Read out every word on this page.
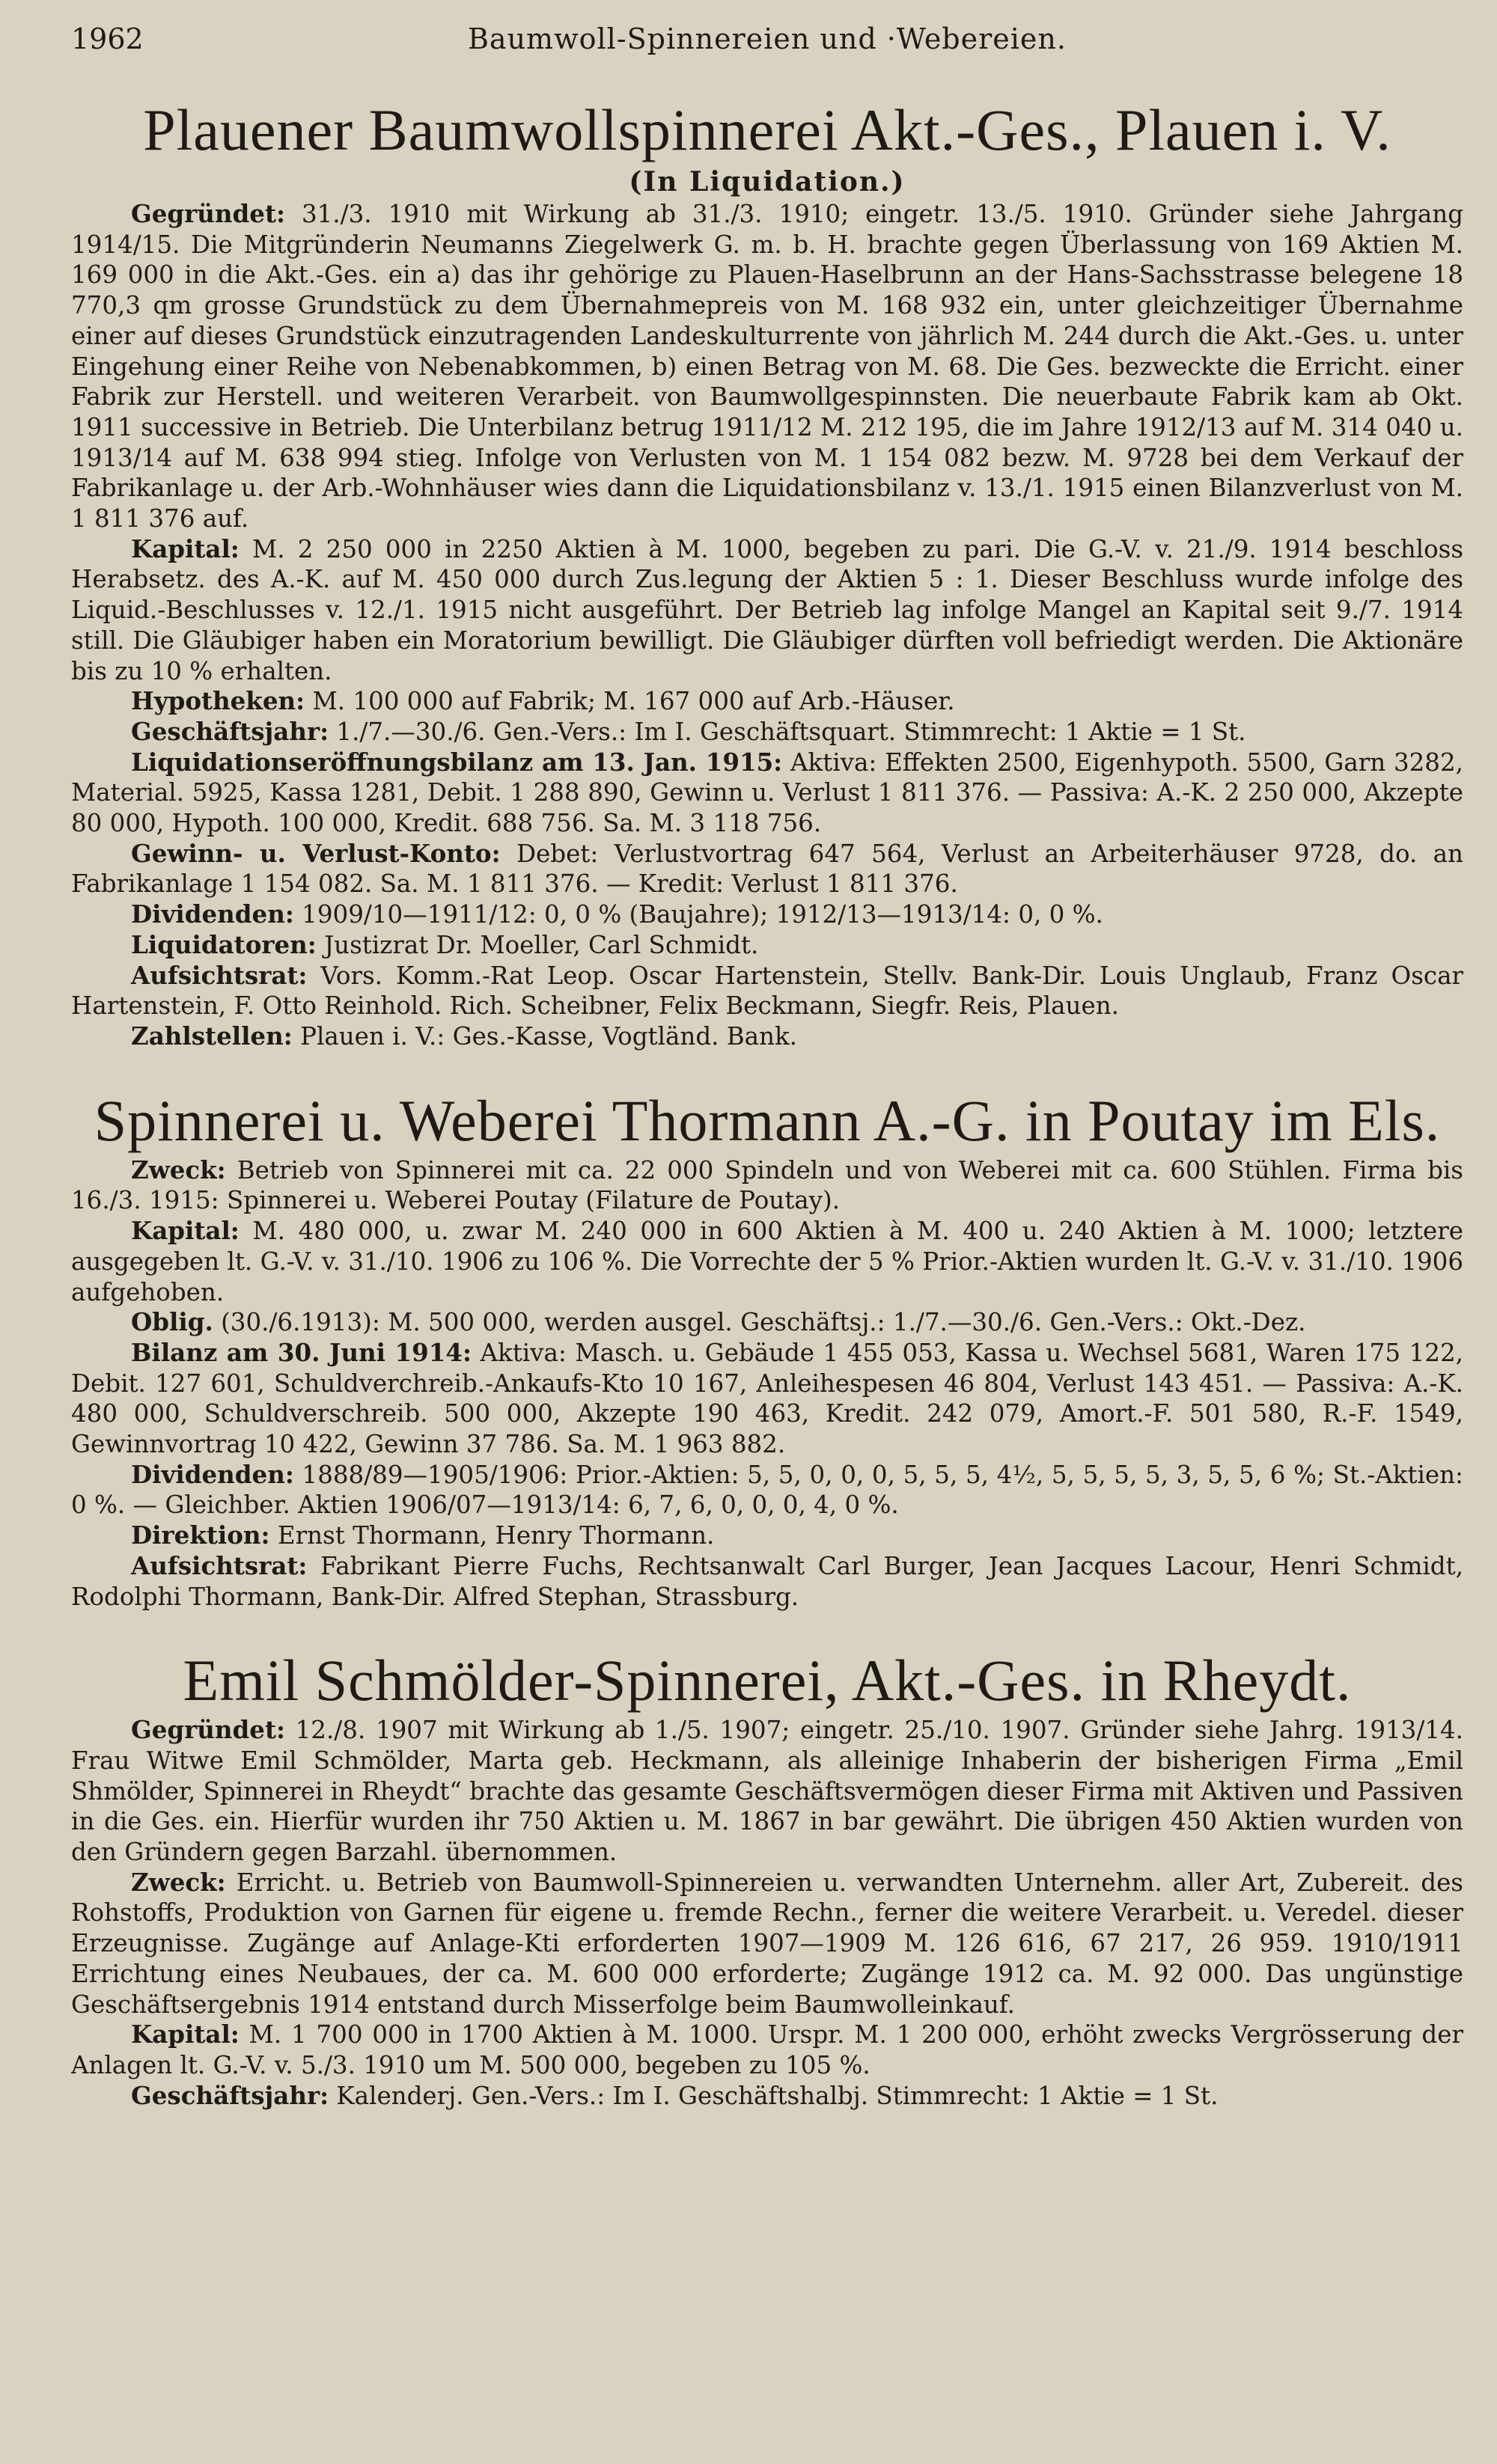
1962	Baumwoll-Spinnereien und ·Webereien.
Plauener Baumwollspinnerei Akt.-Ges., Plauen i. V.
(In Liquidation.)

Gegründet: 31./3. 1910 mit Wirkung ab 31./3. 1910; eingetr. 13./5. 1910. Gründer siehe Jahrgang 1914/15. Die Mitgründerin Neumanns Ziegelwerk G. m. b. H. brachte gegen Überlassung von 169 Aktien M. 169 000 in die Akt.-Ges. ein a) das ihr gehörige zu Plauen-Haselbrunn an der Hans-Sachsstrasse belegene 18 770,3 qm grosse Grundstück zu dem Übernahmepreis von M. 168 932 ein, unter gleichzeitiger Übernahme einer auf dieses Grundstück einzutragenden Landeskulturrente von jährlich M. 244 durch die Akt.-Ges. u. unter Eingehung einer Reihe von Nebenabkommen, b) einen Betrag von M. 68. Die Ges. bezweckte die Erricht. einer Fabrik zur Herstell. und weiteren Verarbeit. von Baumwollgespinnsten. Die neuerbaute Fabrik kam ab Okt. 1911 successive in Betrieb. Die Unterbilanz betrug 1911/12 M. 212 195, die im Jahre 1912/13 auf M. 314 040 u. 1913/14 auf M. 638 994 stieg. Infolge von Verlusten von M. 1 154 082 bezw. M. 9728 bei dem Verkauf der Fabrikanlage u. der Arb.-Wohnhäuser wies dann die Liquidationsbilanz v. 13./1. 1915 einen Bilanzverlust von M. 1 811 376 auf.

Kapital: M. 2 250 000 in 2250 Aktien à M. 1000, begeben zu pari. Die G.-V. v. 21./9. 1914 beschloss Herabsetz. des A.-K. auf M. 450 000 durch Zus.legung der Aktien 5 : 1. Dieser Beschluss wurde infolge des Liquid.-Beschlusses v. 12./1. 1915 nicht ausgeführt. Der Betrieb lag infolge Mangel an Kapital seit 9./7. 1914 still. Die Gläubiger haben ein Moratorium bewilligt. Die Gläubiger dürften voll befriedigt werden. Die Aktionäre bis zu 10 % erhalten.

Hypotheken: M. 100 000 auf Fabrik; M. 167 000 auf Arb.-Häuser.

Geschäftsjahr: 1./7.—30./6. Gen.-Vers.: Im I. Geschäftsquart. Stimmrecht: 1 Aktie = 1 St.

Liquidationseröffnungsbilanz am 13. Jan. 1915: Aktiva: Effekten 2500, Eigenhypoth. 5500, Garn 3282, Material. 5925, Kassa 1281, Debit. 1 288 890, Gewinn u. Verlust 1 811 376. — Passiva: A.-K. 2 250 000, Akzepte 80 000, Hypoth. 100 000, Kredit. 688 756. Sa. M. 3 118 756.

Gewinn- u. Verlust-Konto: Debet: Verlustvortrag 647 564, Verlust an Arbeiterhäuser 9728, do. an Fabrikanlage 1 154 082. Sa. M. 1 811 376. — Kredit: Verlust 1 811 376.

Dividenden: 1909/10—1911/12: 0, 0 % (Baujahre); 1912/13—1913/14: 0, 0 %.

Liquidatoren: Justizrat Dr. Moeller, Carl Schmidt.

Aufsichtsrat: Vors. Komm.-Rat Leop. Oscar Hartenstein, Stellv. Bank-Dir. Louis Unglaub, Franz Oscar Hartenstein, F. Otto Reinhold. Rich. Scheibner, Felix Beckmann, Siegfr. Reis, Plauen.

Zahlstellen: Plauen i. V.: Ges.-Kasse, Vogtländ. Bank.

Spinnerei u. Weberei Thormann A.-G. in Poutay im Els.

Zweck: Betrieb von Spinnerei mit ca. 22 000 Spindeln und von Weberei mit ca. 600 Stühlen. Firma bis 16./3. 1915: Spinnerei u. Weberei Poutay (Filature de Poutay).

Kapital: M. 480 000, u. zwar M. 240 000 in 600 Aktien à M. 400 u. 240 Aktien à M. 1000; letztere ausgegeben lt. G.-V. v. 31./10. 1906 zu 106 %. Die Vorrechte der 5 % Prior.-Aktien wurden lt. G.-V. v. 31./10. 1906 aufgehoben.

Oblig. (30./6.1913): M. 500 000, werden ausgel. Geschäftsj.: 1./7.—30./6. Gen.-Vers.: Okt.-Dez.

Bilanz am 30. Juni 1914: Aktiva: Masch. u. Gebäude 1 455 053, Kassa u. Wechsel 5681, Waren 175 122, Debit. 127 601, Schuldverchreib.-Ankaufs-Kto 10 167, Anleihespesen 46 804, Verlust 143 451. — Passiva: A.-K. 480 000, Schuldverschreib. 500 000, Akzepte 190 463, Kredit. 242 079, Amort.-F. 501 580, R.-F. 1549, Gewinnvortrag 10 422, Gewinn 37 786. Sa. M. 1 963 882.

Dividenden: 1888/89—1905/1906: Prior.-Aktien: 5, 5, 0, 0, 0, 5, 5, 5, 4½, 5, 5, 5, 5, 3, 5, 5, 6 %; St.-Aktien: 0 %. — Gleichber. Aktien 1906/07—1913/14: 6, 7, 6, 0, 0, 0, 4, 0 %.

Direktion: Ernst Thormann, Henry Thormann.

Aufsichtsrat: Fabrikant Pierre Fuchs, Rechtsanwalt Carl Burger, Jean Jacques Lacour, Henri Schmidt, Rodolphi Thormann, Bank-Dir. Alfred Stephan, Strassburg.

Emil Schmölder-Spinnerei, Akt.-Ges. in Rheydt.

Gegründet: 12./8. 1907 mit Wirkung ab 1./5. 1907; eingetr. 25./10. 1907. Gründer siehe Jahrg. 1913/14. Frau Witwe Emil Schmölder, Marta geb. Heckmann, als alleinige Inhaberin der bisherigen Firma „Emil Shmölder, Spinnerei in Rheydt“ brachte das gesamte Geschäftsvermögen dieser Firma mit Aktiven und Passiven in die Ges. ein. Hierfür wurden ihr 750 Aktien u. M. 1867 in bar gewährt. Die übrigen 450 Aktien wurden von den Gründern gegen Barzahl. übernommen.

Zweck: Erricht. u. Betrieb von Baumwoll-Spinnereien u. verwandten Unternehm. aller Art, Zubereit. des Rohstoffs, Produktion von Garnen für eigene u. fremde Rechn., ferner die weitere Verarbeit. u. Veredel. dieser Erzeugnisse. Zugänge auf Anlage-Kti erforderten 1907—1909 M. 126 616, 67 217, 26 959. 1910/1911 Errichtung eines Neubaues, der ca. M. 600 000 erforderte; Zugänge 1912 ca. M. 92 000. Das ungünstige Geschäftsergebnis 1914 entstand durch Misserfolge beim Baumwolleinkauf.

Kapital: M. 1 700 000 in 1700 Aktien à M. 1000. Urspr. M. 1 200 000, erhöht zwecks Vergrösserung der Anlagen lt. G.-V. v. 5./3. 1910 um M. 500 000, begeben zu 105 %.

Geschäftsjahr: Kalenderj. Gen.-Vers.: Im I. Geschäftshalbj. Stimmrecht: 1 Aktie = 1 St.
